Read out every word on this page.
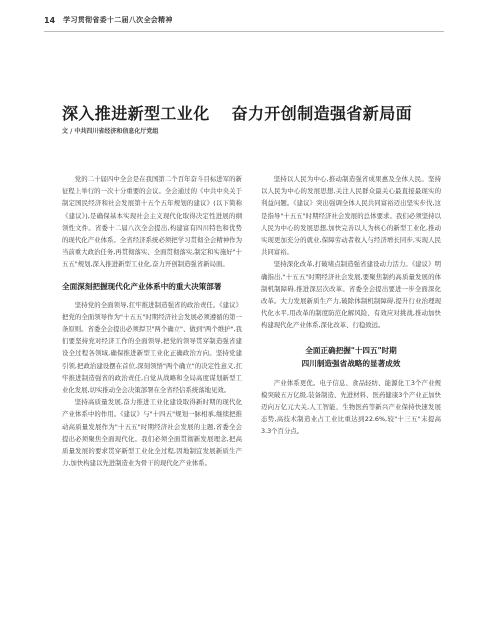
14 学习贯彻省委十二届八次全会精神
深入推进新型工业化 奋力开创制造强省新局面
文 / 中共四川省经济和信息化厅党组

党的二十届四中全会是在我国第二个百年奋斗目标进军的新征程上举行的一次十分重要的会议。全会通过的《中共中央关于制定国民经济和社会发展第十五个五年规划的建议》(以下简称《建议》),是确保基本实现社会主义现代化取得决定性进展的纲领性文件。省委十二届八次全会提出,构建富有四川特色和优势的现代化产业体系。全省经济系统必须把学习贯彻全会精神作为当前重大政治任务,再贯彻落实、全面贯彻落实,制定和实施好"十五五"规划,深入推进新型工业化,奋力开创制造强省新局面。

全面深刻把握现代化产业体系中的重大决策部署

坚持党的全面领导,扛牢推进制造强省的政治责任。《建议》把党的全面领导作为"十五五"时期经济社会发展必须遵循的第一条原则。省委全会提出必须捍卫"两个确立"、做到"两个维护",我们要坚持党对经济工作的全面领导,把党的领导贯穿制造强省建设全过程各领域,确保推进新型工业化正确政治方向。坚持党建引领,把政治建设摆在首位,深刻领悟"两个确立"的决定性意义,扛牢推进制造强省的政治责任,自觉从战略和全局高度谋划新型工业化发展,切实推动全会决策部署在全省经信系统落地见效。

坚持高质量发展,奋力推进工业化建设取得新时期的现代化产业体系中的作用。《建议》与"十四五"规划一脉相承,继续把推动高质量发展作为"十五五"时期经济社会发展的主题,省委全会提出必须聚焦全面现代化。我们必须全面贯彻新发展理念,把高质量发展的要求贯穿新型工业化全过程,因地制宜发展新质生产力,加快构建以先进制造业为骨干的现代化产业体系。

坚持以人民为中心,推动制造强省成果惠及全体人民。坚持以人民为中心的发展思想,关注人民群众最关心最直接最现实的利益问题。《建议》突出强调全体人民共同富裕迈出坚实步伐,这是指导"十五五"时期经济社会发展的总体要求。我们必须坚持以人民为中心的发展思想,加快完善以人为核心的新型工业化,推动实现更加充分的就业,保障劳动者收入与经济增长同步,实现人民共同富裕。

坚持深化改革,打破堵点制造强省建设动力活力。《建议》明确指出,"十五五"时期经济社会发展,要聚焦制约高质量发展的体制机制障碍,推进深层次改革。省委全会提出要进一步全面深化改革。大力发展新质生产力,破除体制机制障碍,提升行业治理现代化水平,用改革的制度防范化解风险、有效应对挑战,推动加快构建现代化产业体系,深化改革、行稳致远。

全面正确把握"十四五"时期
四川制造强省战略的显著成效

产业体系更优。电子信息、食品轻纺、能源化工3个产业规模突破五万亿级,装备制造、先进材料、医药健康3个产业正加快迈向万亿元大关,人工智能、生物医药等新兴产业保持快速发展态势,高技术制造业占工业比重达到22.6%,较"十三五"末提高3.3个百分点。
